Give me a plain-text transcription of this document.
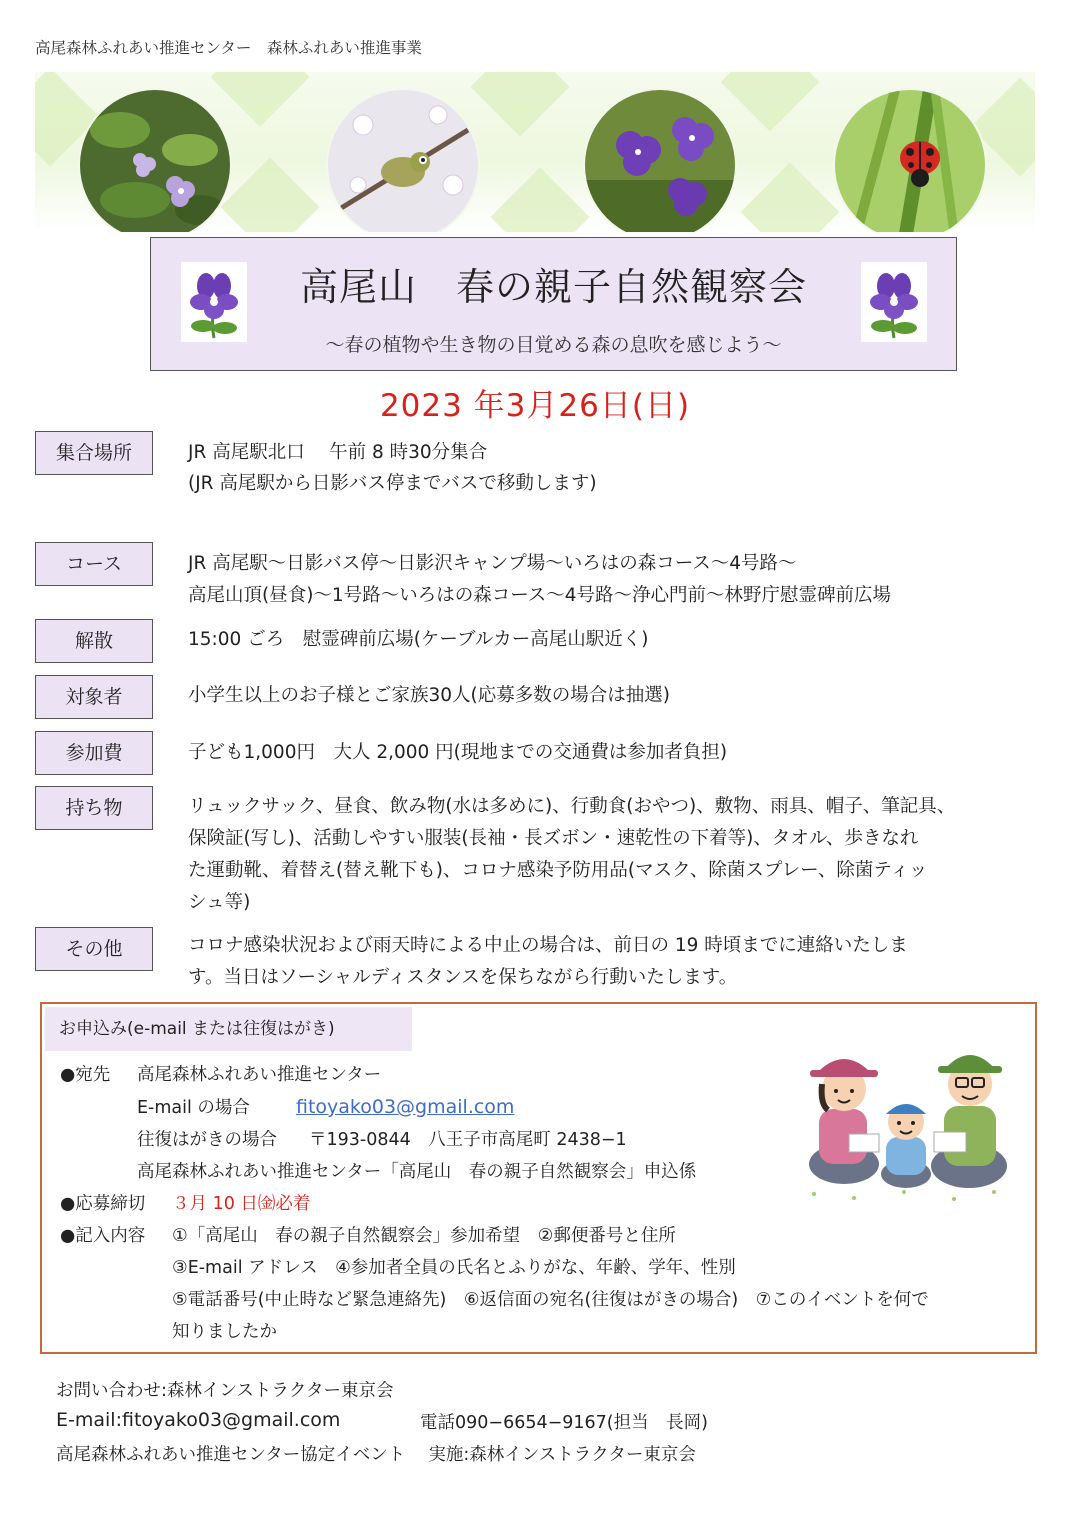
高尾森林ふれあい推進センター　森林ふれあい推進事業
高尾山　春の親子自然観察会
〜春の植物や生き物の目覚める森の息吹を感じよう〜
2023 年3月26日(日)
集合場所	JR 高尾駅北口　 午前 8 時30分集合
(JR 高尾駅から日影バス停までバスで移動します)
コース	JR 高尾駅〜日影バス停〜日影沢キャンプ場〜いろはの森コース〜4号路〜
高尾山頂(昼食)〜1号路〜いろはの森コース〜4号路〜浄心門前〜林野庁慰霊碑前広場
解散	15:00 ごろ　慰霊碑前広場(ケーブルカー高尾山駅近く)
対象者	小学生以上のお子様とご家族30人(応募多数の場合は抽選)
参加費	子ども1,000円　大人 2,000 円(現地までの交通費は参加者負担)
持ち物	リュックサック、昼食、飲み物(水は多めに)、行動食(おやつ)、敷物、雨具、帽子、筆記具、
保険証(写し)、活動しやすい服装(長袖・長ズボン・速乾性の下着等)、タオル、歩きなれ
た運動靴、着替え(替え靴下も)、コロナ感染予防用品(マスク、除菌スプレー、除菌ティッ
シュ等)
その他	コロナ感染状況および雨天時による中止の場合は、前日の 19 時頃までに連絡いたしま
す。当日はソーシャルディスタンスを保ちながら行動いたします。
お申込み(e-mail または往復はがき)
●宛先 高尾森林ふれあい推進センター
E-mail の場合 fitoyako03@gmail.com
往復はがきの場合 〒193-0844　八王子市高尾町 2438−1
高尾森林ふれあい推進センター「高尾山　春の親子自然観察会」申込係
●応募締切 ３月 10 日㈮必着
●記入内容 ①「高尾山　春の親子自然観察会」参加希望　②郵便番号と住所
③E-mail アドレス　④参加者全員の氏名とふりがな、年齢、学年、性別
⑤電話番号(中止時など緊急連絡先)　⑥返信面の宛名(往復はがきの場合)　⑦このイベントを何で
知りましたか
お問い合わせ:森林インストラクター東京会
E-mail:fitoyako03@gmail.com	電話090−6654−9167(担当　長岡)
高尾森林ふれあい推進センター協定イベント　 実施:森林インストラクター東京会
